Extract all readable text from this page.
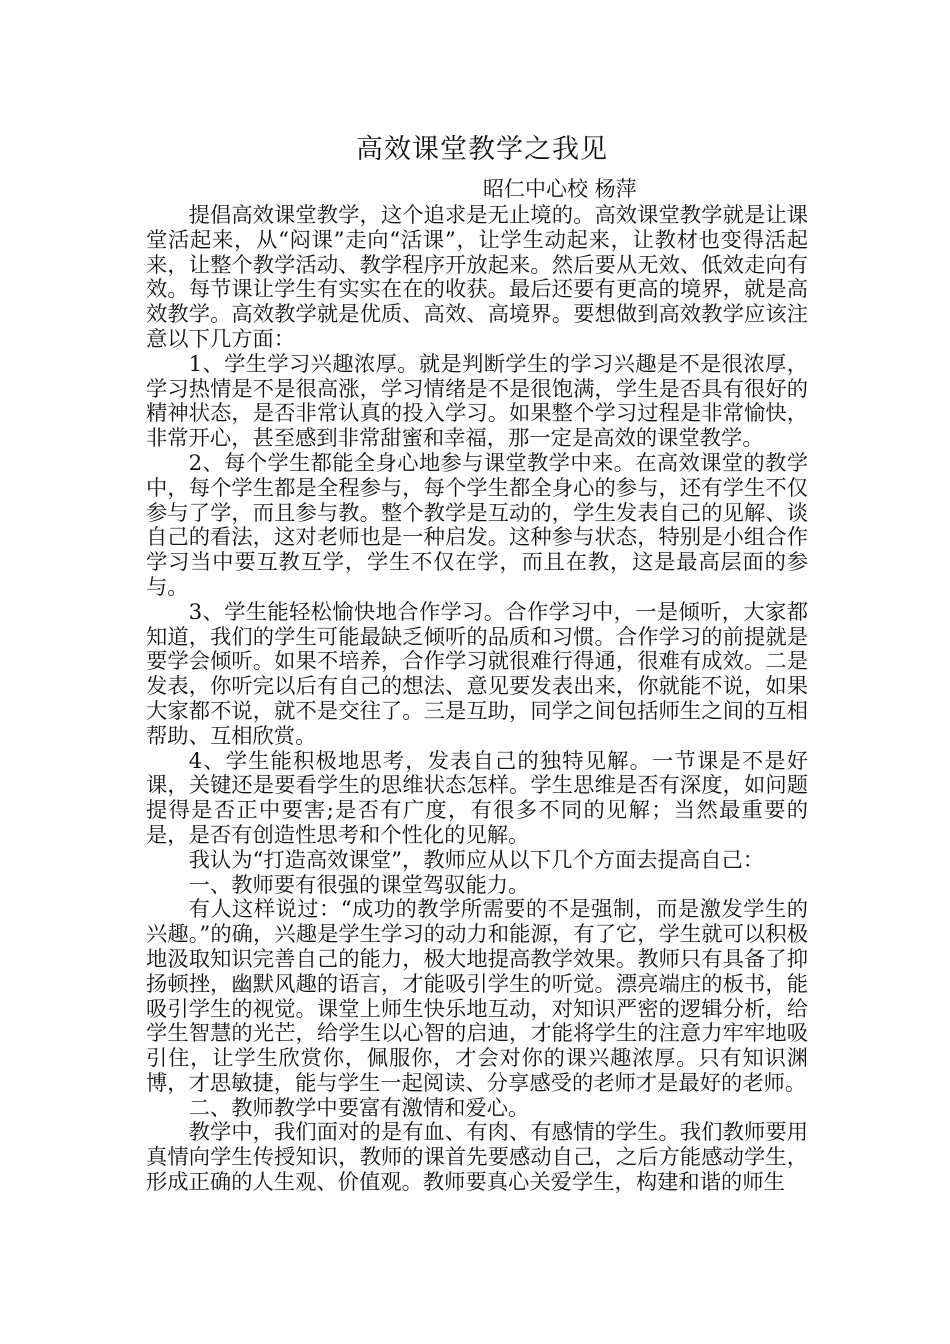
高效课堂教学之我见
昭仁中心校 杨萍

提倡高效课堂教学，这个追求是无止境的。高效课堂教学就是让课堂活起来，从“闷课”走向“活课”，让学生动起来，让教材也变得活起来，让整个教学活动、教学程序开放起来。然后要从无效、低效走向有效。每节课让学生有实实在在的收获。最后还要有更高的境界，就是高效教学。高效教学就是优质、高效、高境界。要想做到高效教学应该注意以下几方面：

1、学生学习兴趣浓厚。就是判断学生的学习兴趣是不是很浓厚，学习热情是不是很高涨，学习情绪是不是很饱满，学生是否具有很好的精神状态，是否非常认真的投入学习。如果整个学习过程是非常愉快，非常开心，甚至感到非常甜蜜和幸福，那一定是高效的课堂教学。

2、每个学生都能全身心地参与课堂教学中来。在高效课堂的教学中，每个学生都是全程参与，每个学生都全身心的参与，还有学生不仅参与了学，而且参与教。整个教学是互动的，学生发表自己的见解、谈自己的看法，这对老师也是一种启发。这种参与状态，特别是小组合作学习当中要互教互学，学生不仅在学，而且在教，这是最高层面的参与。

3、学生能轻松愉快地合作学习。合作学习中，一是倾听，大家都知道，我们的学生可能最缺乏倾听的品质和习惯。合作学习的前提就是要学会倾听。如果不培养，合作学习就很难行得通，很难有成效。二是发表，你听完以后有自己的想法、意见要发表出来，你就能不说，如果大家都不说，就不是交往了。三是互助，同学之间包括师生之间的互相帮助、互相欣赏。

4、学生能积极地思考，发表自己的独特见解。一节课是不是好课，关键还是要看学生的思维状态怎样。学生思维是否有深度，如问题提得是否正中要害;是否有广度，有很多不同的见解；当然最重要的是，是否有创造性思考和个性化的见解。

我认为“打造高效课堂”，教师应从以下几个方面去提高自己：

一、教师要有很强的课堂驾驭能力。

有人这样说过：“成功的教学所需要的不是强制，而是激发学生的兴趣。”的确，兴趣是学生学习的动力和能源，有了它，学生就可以积极地汲取知识完善自己的能力，极大地提高教学效果。教师只有具备了抑扬顿挫，幽默风趣的语言，才能吸引学生的听觉。漂亮端庄的板书，能吸引学生的视觉。课堂上师生快乐地互动，对知识严密的逻辑分析，给学生智慧的光芒，给学生以心智的启迪，才能将学生的注意力牢牢地吸引住，让学生欣赏你，佩服你，才会对你的课兴趣浓厚。只有知识渊博，才思敏捷，能与学生一起阅读、分享感受的老师才是最好的老师。

二、教师教学中要富有激情和爱心。

教学中，我们面对的是有血、有肉、有感情的学生。我们教师要用真情向学生传授知识，教师的课首先要感动自己，之后方能感动学生，形成正确的人生观、价值观。教师要真心关爱学生，构建和谐的师生
